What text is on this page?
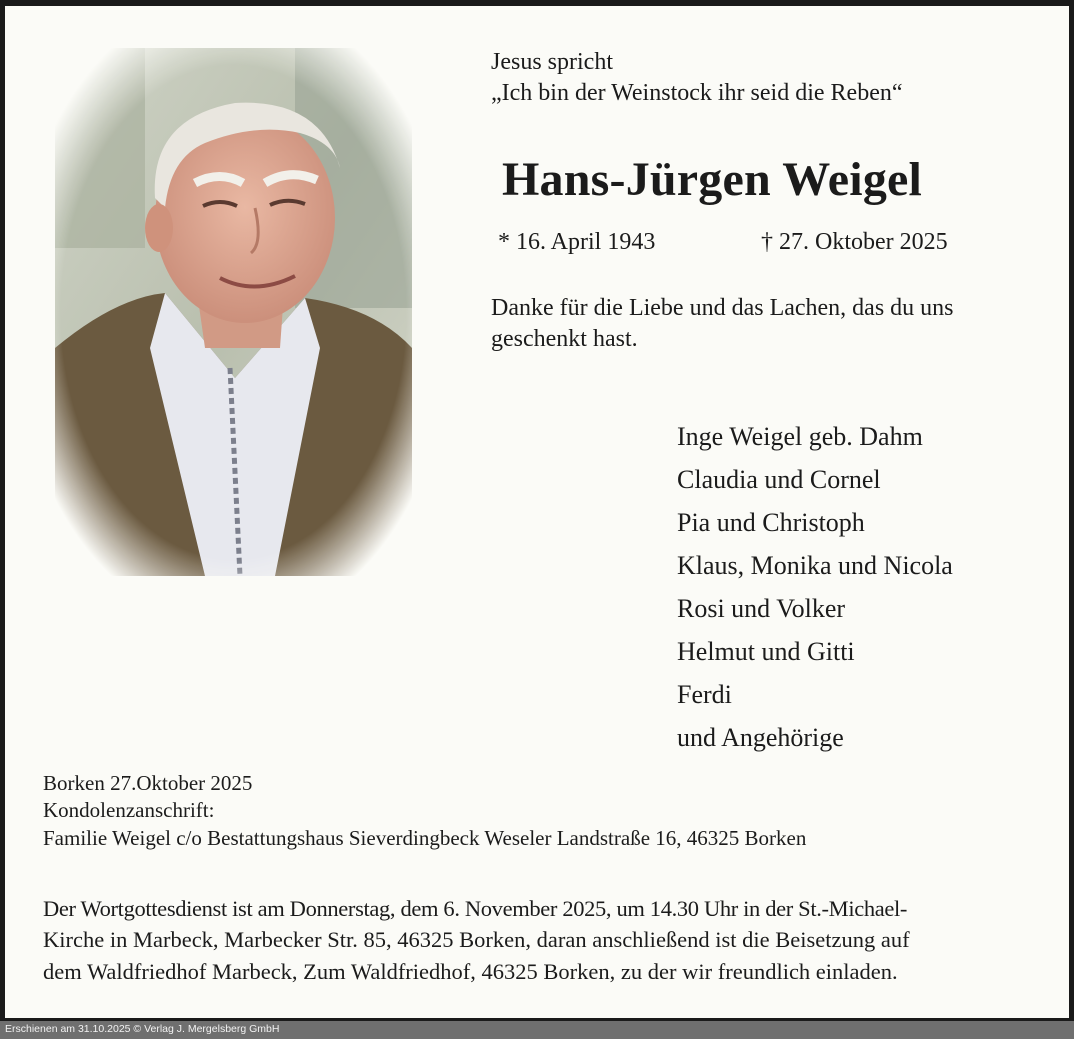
Jesus spricht
„Ich bin der Weinstock ihr seid die Reben“
Hans-Jürgen Weigel
* 16. April 1943	† 27. Oktober 2025
Danke für die Liebe und das Lachen, das du uns
geschenkt hast.
Inge Weigel geb. Dahm
Claudia und Cornel
Pia und Christoph
Klaus, Monika und Nicola
Rosi und Volker
Helmut und Gitti
Ferdi
und Angehörige
Borken 27.Oktober 2025
Kondolenzanschrift:
Familie Weigel c/o Bestattungshaus Sieverdingbeck Weseler Landstraße 16, 46325 Borken
Der Wortgottesdienst ist am Donnerstag, dem 6. November 2025, um 14.30 Uhr in der St.-Michael-
Kirche in Marbeck, Marbecker Str. 85, 46325 Borken, daran anschließend ist die Beisetzung auf
dem Waldfriedhof Marbeck, Zum Waldfriedhof, 46325 Borken, zu der wir freundlich einladen.
Erschienen am 31.10.2025 © Verlag J. Mergelsberg GmbH
